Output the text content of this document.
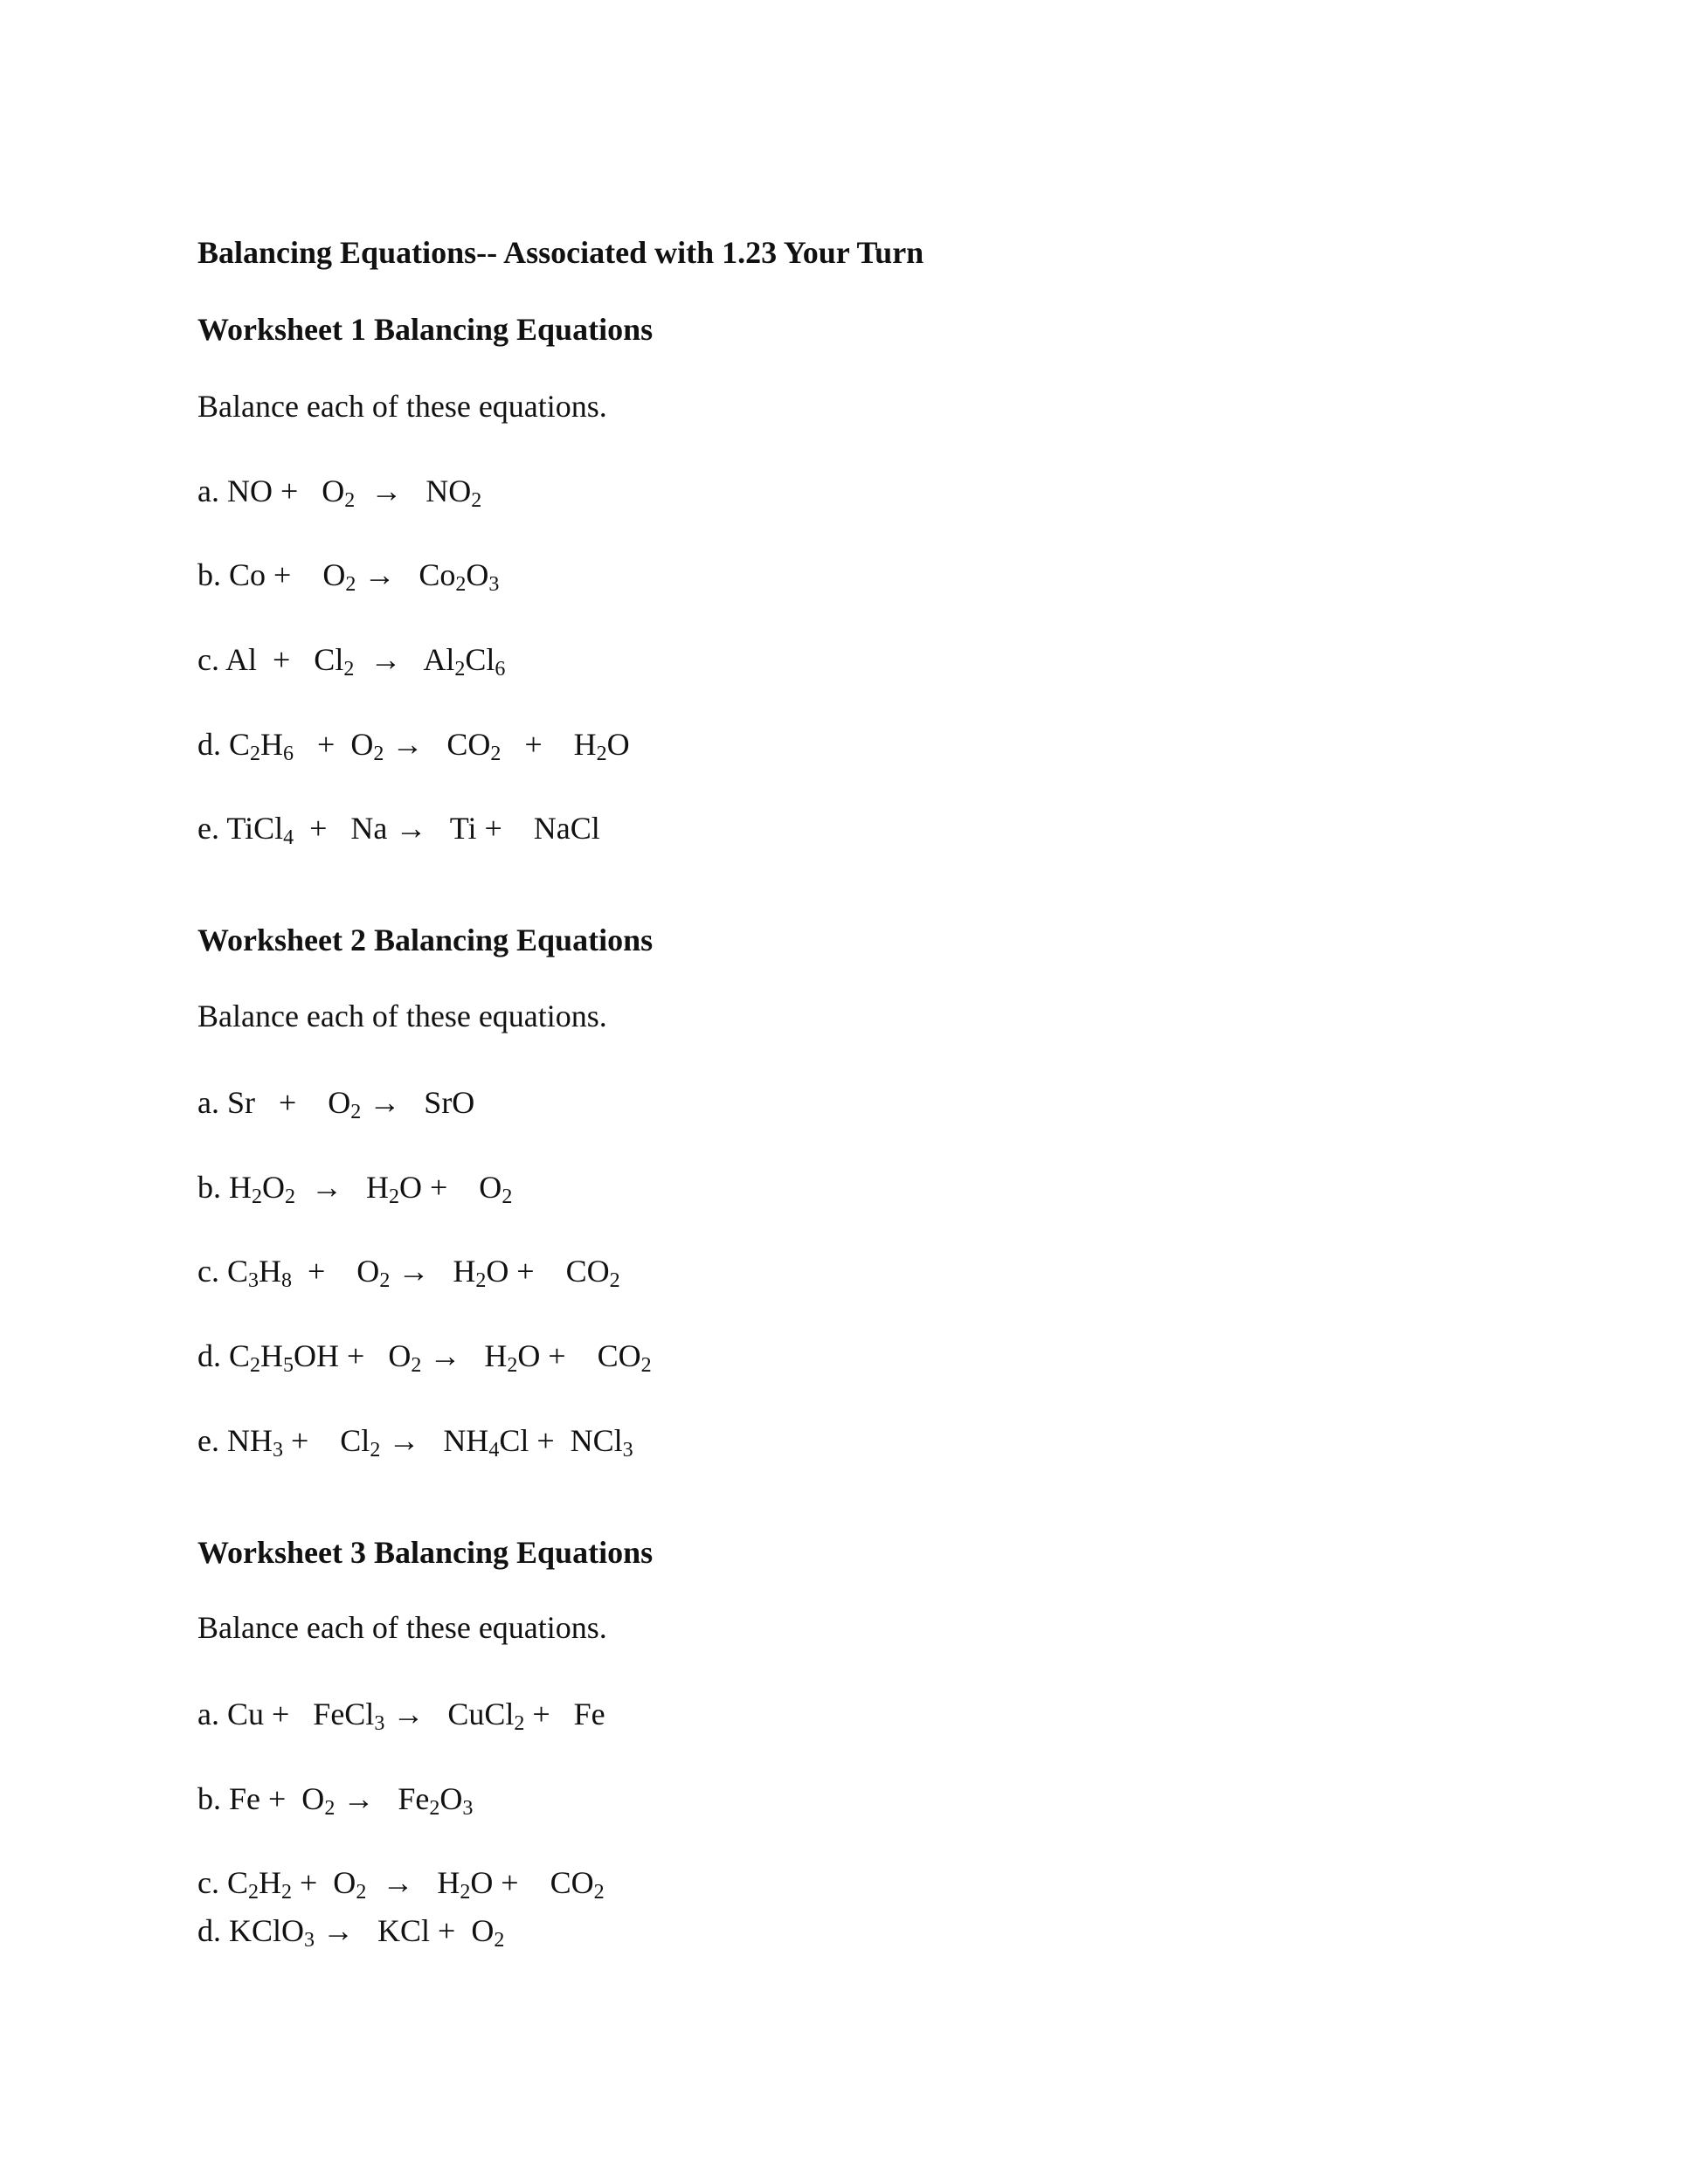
Balancing Equations-- Associated with 1.23 Your Turn
Worksheet 1 Balancing Equations
Balance each of these equations.
a. NO +   $O_2 \to NO_2$
b. Co +    $O_2 \to Co_2O_3$
c. $Al + Cl_2 \to Al_2Cl_6$
d. $C_2H_6 + O_2 \to CO_2$   +    $H_2O$
e. TiCl$_4$  +   Na →   Ti +    NaCl
Worksheet 2 Balancing Equations
Balance each of these equations.
a. Sr   +    $O_2$ →   SrO
b. $H_2O_2 \to H_2O$ +    $O_2$
c. $C_3H_8$  +    $O_2 \to H_2O$ +    $CO_2$
d. $C_2H_5OH + O_2 \to H_2O$ +    $CO_2$
e. $NH_3$ +    $Cl_2 \to NH_4Cl + NCl_3$
Worksheet 3 Balancing Equations
Balance each of these equations.
a. Cu +   FeCl$_3$ →   CuCl$_2$ +   Fe
b. $Fe + O_2 \to Fe_2O_3$
c. $C_2H_2 + O_2 \to H_2O$ +    $CO_2$
d. KClO$_3$ →   KCl +  $O_2$
